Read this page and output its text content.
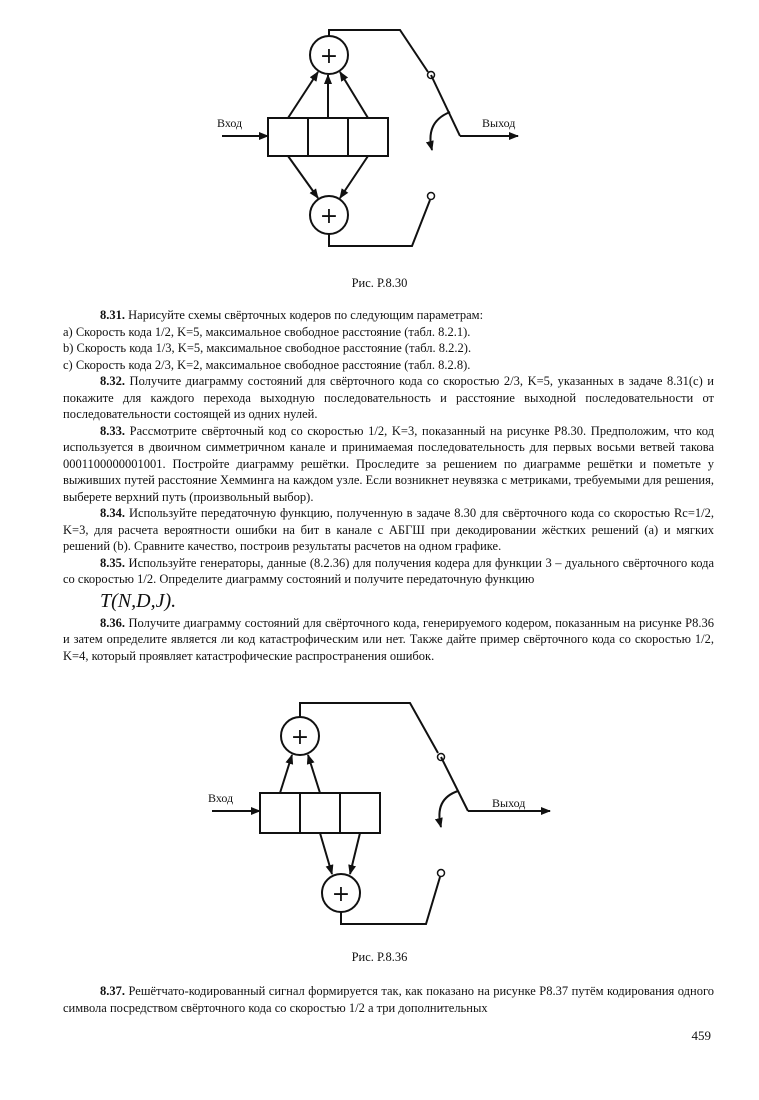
Вход
+
+
Выход
Рис. Р.8.30

8.31. Нарисуйте схемы свёрточных кодеров по следующим параметрам:

a) Скорость кода 1/2, K=5, максимальное свободное расстояние (табл. 8.2.1).

b) Скорость кода 1/3, K=5, максимальное свободное расстояние (табл. 8.2.2).

c) Скорость кода 2/3, K=2, максимальное свободное расстояние (табл. 8.2.8).

8.32. Получите диаграмму состояний для свёрточного кода со скоростью 2/3, K=5, указанных в задаче 8.31(c) и покажите для каждого перехода выходную последовательность и расстояние выходной последовательности от последовательности состоящей из одних нулей.

8.33. Рассмотрите свёрточный код со скоростью 1/2, K=3, показанный на рисунке Р8.30. Предположим, что код используется в двоичном симметричном канале и принимаемая последовательность для первых восьми ветвей такова 0001100000001001. Постройте диаграмму решётки. Проследите за решением по диаграмме решётки и пометьте у выживших путей расстояние Хемминга на каждом узле. Если возникнет неувязка с метриками, требуемыми для решения, выберете верхний путь (произвольный выбор).

8.34. Используйте передаточную функцию, полученную в задаче 8.30 для свёрточного кода со скоростью Rc=1/2, K=3, для расчета вероятности ошибки на бит в канале с АБГШ при декодировании жёстких решений (a) и мягких решений (b). Сравните качество, построив результаты расчетов на одном графике.

8.35. Используйте генераторы, данные (8.2.36) для получения кодера для функции 3 – дуального свёрточного кода со скоростью 1/2. Определите диаграмму состояний и получите передаточную функцию
T(N,D,J).

8.36. Получите диаграмму состояний для свёрточного кода, генерируемого кодером, показанным на рисунке Р8.36 и затем определите является ли код катастрофическим или нет. Также дайте пример свёрточного кода со скоростью 1/2, K=4, который проявляет катастрофические распространения ошибок.

Вход
+
+
Выход
Рис. Р.8.36

8.37. Решётчато-кодированный сигнал формируется так, как показано на рисунке Р8.37 путём кодирования одного символа посредством свёрточного кода со скоростью 1/2 а три дополнительных

459
